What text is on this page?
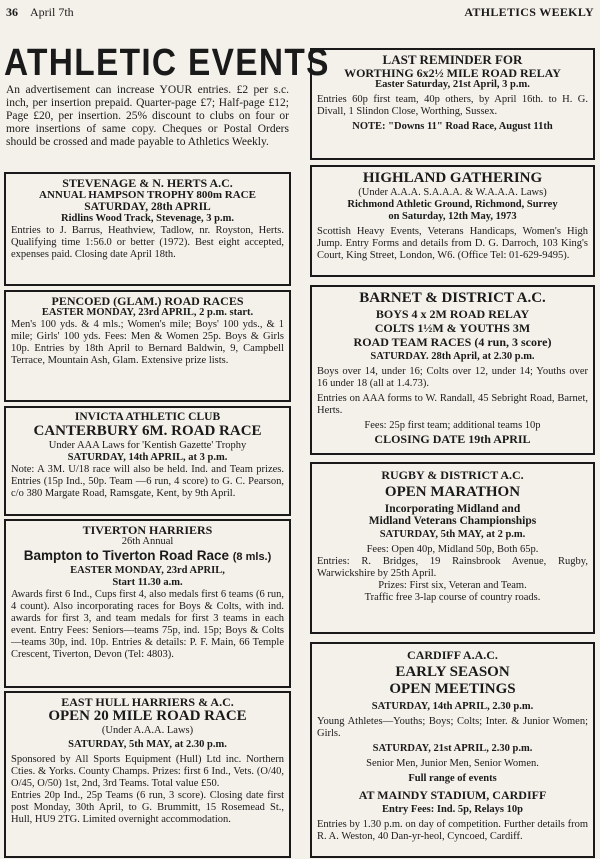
36 April 7th	ATHLETICS WEEKLY
ATHLETIC EVENTS

An advertisement can increase YOUR entries. £2 per s.c. inch, per insertion prepaid. Quarter-page £7; Half-page £12; Page £20, per insertion. 25% discount to clubs on four or more insertions of same copy. Cheques or Postal Orders should be crossed and made payable to Athletics Weekly.

STEVENAGE & N. HERTS A.C.

ANNUAL HAMPSON TROPHY 800m RACE

SATURDAY, 28th APRIL

Ridlins Wood Track, Stevenage, 3 p.m.

Entries to J. Barrus, Heathview, Tadlow, nr. Royston, Herts. Qualifying time 1:56.0 or better (1972). Best eight accepted, expenses paid. Closing date April 18th.

PENCOED (GLAM.) ROAD RACES

EASTER MONDAY, 23rd APRIL, 2 p.m. start.

Men's 100 yds. & 4 mls.; Women's mile; Boys' 100 yds., & 1 mile; Girls' 100 yds. Fees: Men & Women 25p. Boys & Girls 10p. Entries by 18th April to Bernard Baldwin, 9, Campbell Terrace, Mountain Ash, Glam. Extensive prize lists.

INVICTA ATHLETIC CLUB

CANTERBURY 6M. ROAD RACE

Under AAA Laws for 'Kentish Gazette' Trophy

SATURDAY, 14th APRIL, at 3 p.m.

Note: A 3M. U/18 race will also be held. Ind. and Team prizes. Entries (15p Ind., 50p. Team —6 run, 4 score) to G. C. Pearson, c/o 380 Margate Road, Ramsgate, Kent, by 9th April.

TIVERTON HARRIERS

26th Annual

Bampton to Tiverton Road Race (8 mls.)

EASTER MONDAY, 23rd APRIL,

Start 11.30 a.m.

Awards first 6 Ind., Cups first 4, also medals first 6 teams (6 run, 4 count). Also incorporating races for Boys & Colts, with ind. awards for first 3, and team medals for first 3 teams in each event. Entry Fees: Seniors—teams 75p, ind. 15p; Boys & Colts—teams 30p, ind. 10p. Entries & details: P. F. Main, 66 Temple Crescent, Tiverton, Devon (Tel: 4803).

EAST HULL HARRIERS & A.C.

OPEN 20 MILE ROAD RACE

(Under A.A.A. Laws)

SATURDAY, 5th MAY, at 2.30 p.m.

Sponsored by All Sports Equipment (Hull) Ltd inc. Northern Cties. & Yorks. County Champs. Prizes: first 6 Ind., Vets. (O/40, O/45, O/50) 1st, 2nd, 3rd Teams. Total value £50.

Entries 20p Ind., 25p Teams (6 run, 3 score). Closing date first post Monday, 30th April, to G. Brummitt, 15 Rosemead St., Hull, HU9 2TG. Limited overnight accommodation.

LAST REMINDER FOR

WORTHING 6x2½ MILE ROAD RELAY

Easter Saturday, 21st April, 3 p.m.

Entries 60p first team, 40p others, by April 16th. to H. G. Divall, 1 Slindon Close, Worthing, Sussex.

NOTE: "Downs 11" Road Race, August 11th

HIGHLAND GATHERING

(Under A.A.A. S.A.A.A. & W.A.A.A. Laws)

Richmond Athletic Ground, Richmond, Surrey

on Saturday, 12th May, 1973

Scottish Heavy Events, Veterans Handicaps, Women's High Jump. Entry Forms and details from D. G. Darroch, 103 King's Court, King Street, London, W6. (Office Tel: 01-629-9495).

BARNET & DISTRICT A.C.

BOYS 4 x 2M ROAD RELAY

COLTS 1½M & YOUTHS 3M

ROAD TEAM RACES (4 run, 3 score)

SATURDAY. 28th April, at 2.30 p.m.

Boys over 14, under 16; Colts over 12, under 14; Youths over 16 under 18 (all at 1.4.73).

Entries on AAA forms to W. Randall, 45 Sebright Road, Barnet, Herts.

Fees: 25p first team; additional teams 10p

CLOSING DATE 19th APRIL

RUGBY & DISTRICT A.C.

OPEN MARATHON

Incorporating Midland and

Midland Veterans Championships

SATURDAY, 5th MAY, at 2 p.m.

Fees: Open 40p, Midland 50p, Both 65p.

Entries: R. Bridges, 19 Rainsbrook Avenue, Rugby, Warwickshire by 25th April.

Prizes: First six, Veteran and Team.

Traffic free 3-lap course of country roads.

CARDIFF A.A.C.

EARLY SEASON

OPEN MEETINGS

SATURDAY, 14th APRIL, 2.30 p.m.

Young Athletes—Youths; Boys; Colts; Inter. & Junior Women; Girls.

SATURDAY, 21st APRIL, 2.30 p.m.

Senior Men, Junior Men, Senior Women.

Full range of events

AT MAINDY STADIUM, CARDIFF

Entry Fees: Ind. 5p, Relays 10p

Entries by 1.30 p.m. on day of competition. Further details from R. A. Weston, 40 Dan-yr-heol, Cyncoed, Cardiff.
